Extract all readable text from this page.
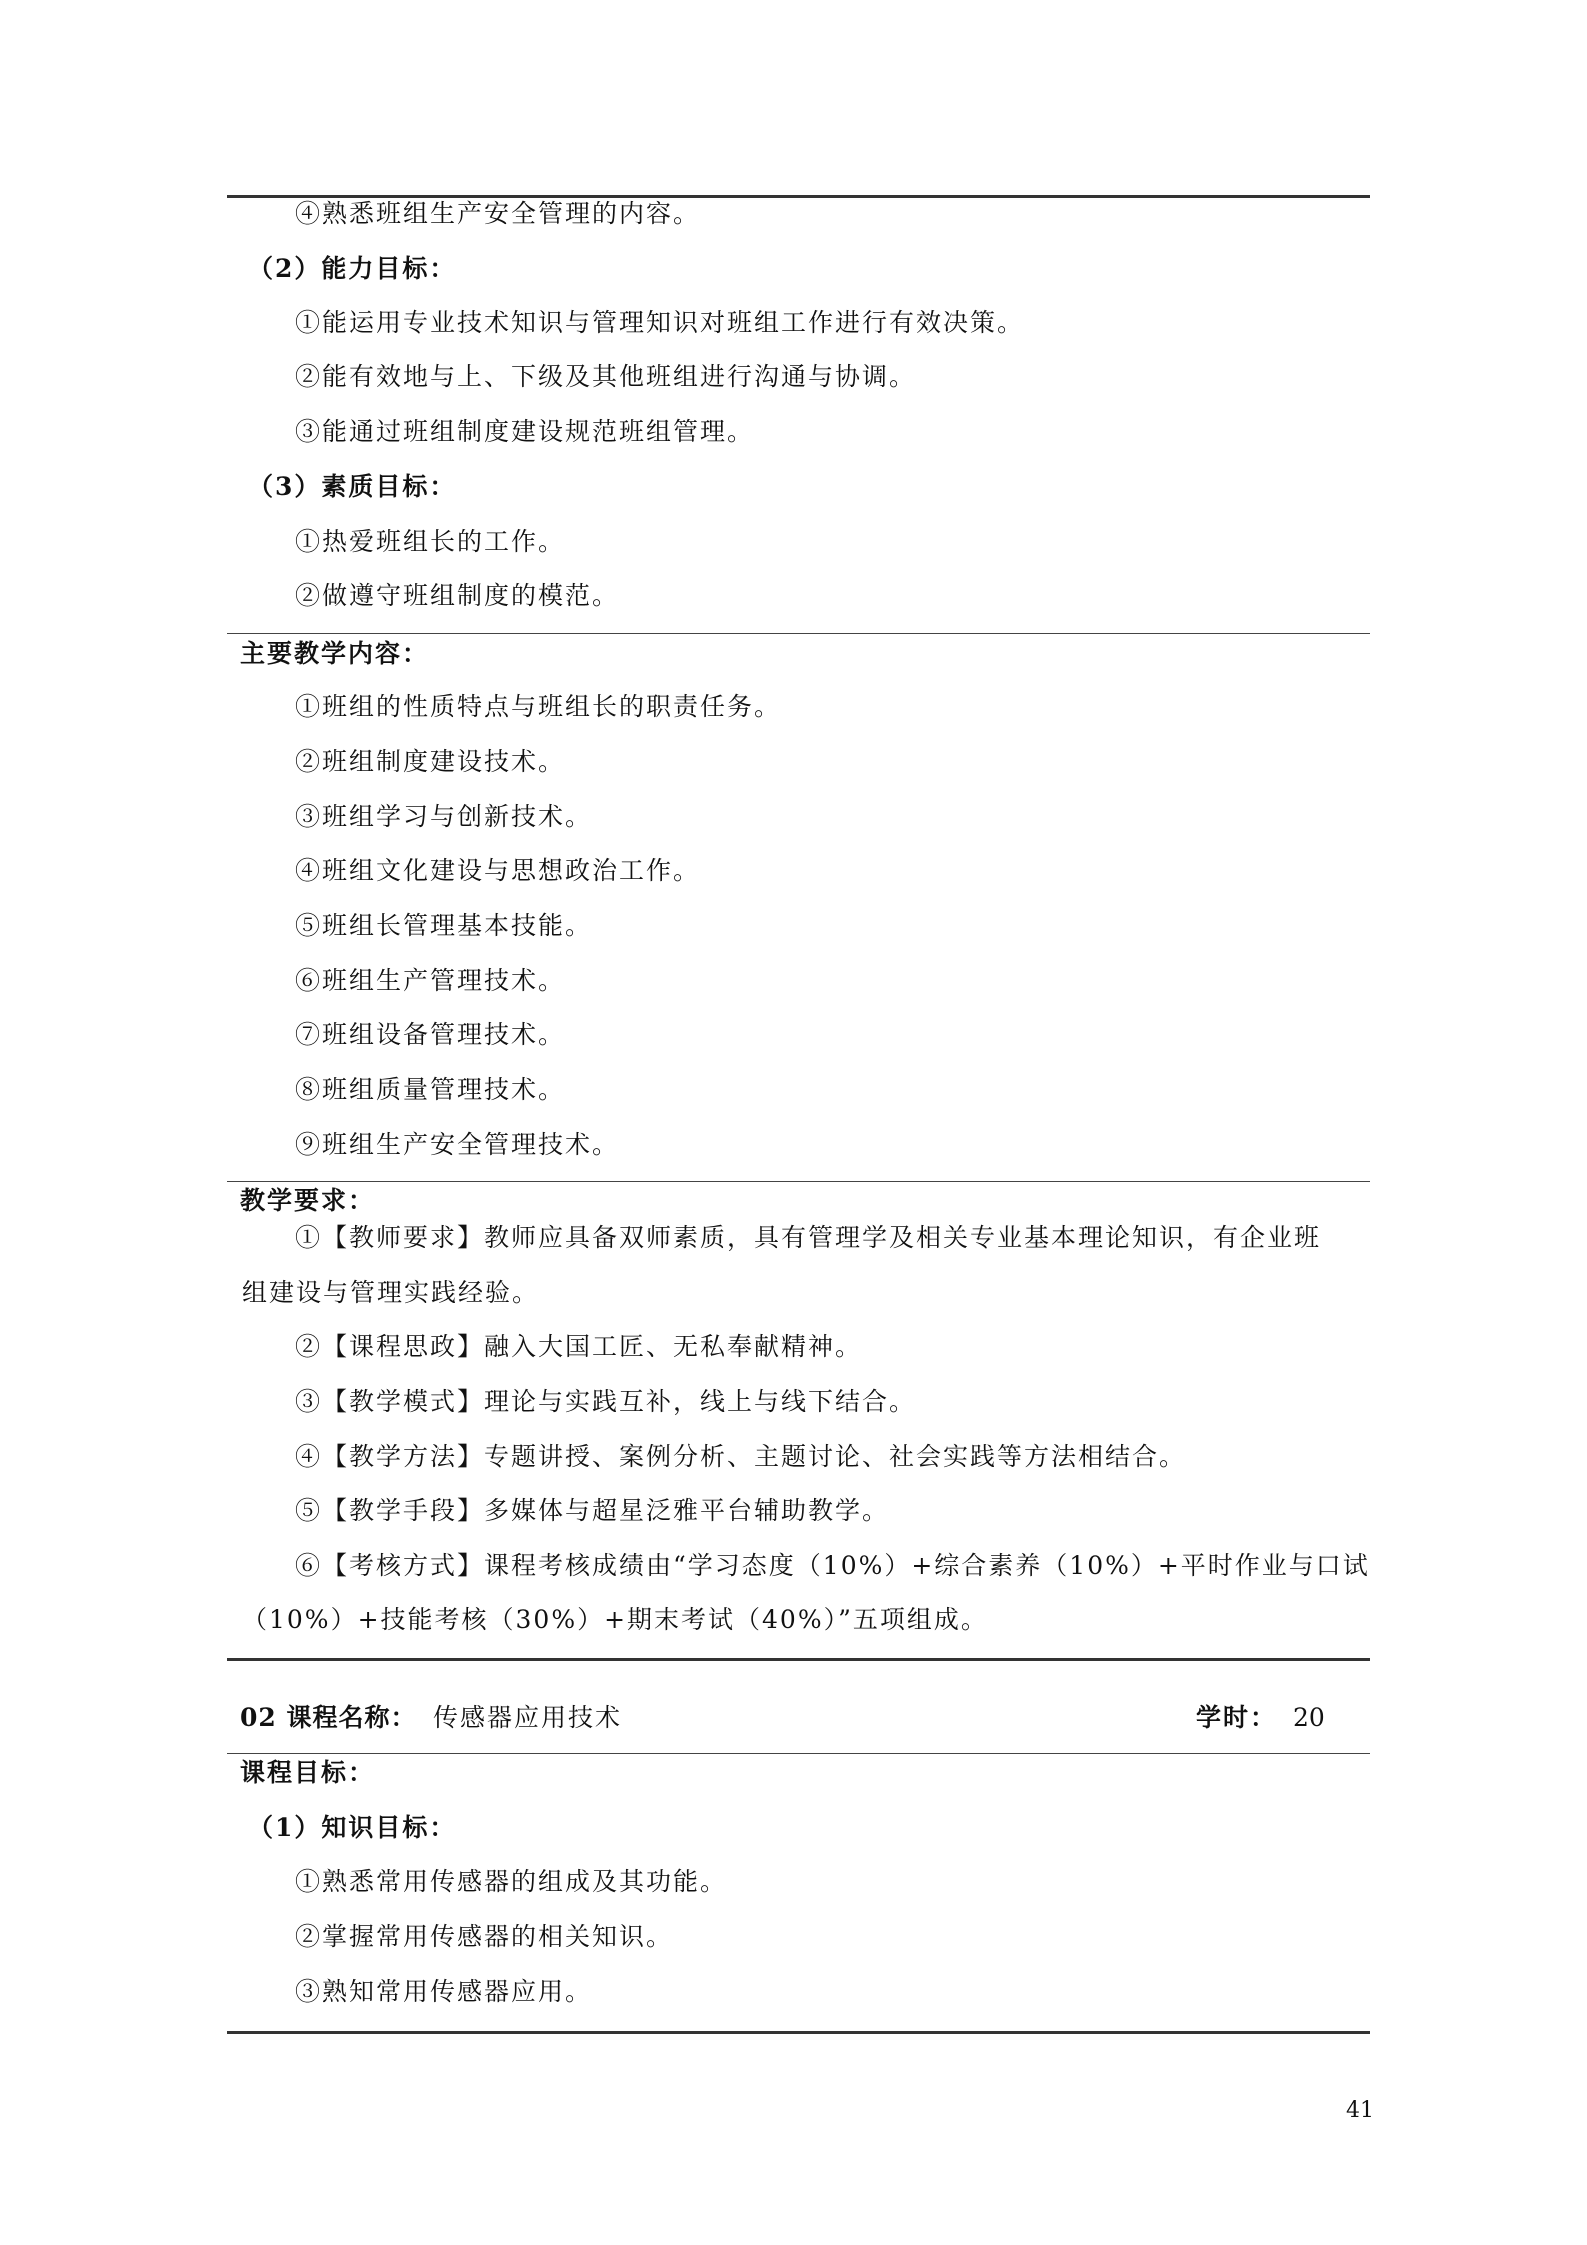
④熟悉班组生产安全管理的内容。
（2）能力目标：
①能运用专业技术知识与管理知识对班组工作进行有效决策。
②能有效地与上、下级及其他班组进行沟通与协调。
③能通过班组制度建设规范班组管理。
（3）素质目标：
①热爱班组长的工作。
②做遵守班组制度的模范。
主要教学内容：
①班组的性质特点与班组长的职责任务。
②班组制度建设技术。
③班组学习与创新技术。
④班组文化建设与思想政治工作。
⑤班组长管理基本技能。
⑥班组生产管理技术。
⑦班组设备管理技术。
⑧班组质量管理技术。
⑨班组生产安全管理技术。
教学要求：
①【教师要求】教师应具备双师素质，具有管理学及相关专业基本理论知识，有企业班
组建设与管理实践经验。
②【课程思政】融入大国工匠、无私奉献精神。
③【教学模式】理论与实践互补，线上与线下结合。
④【教学方法】专题讲授、案例分析、主题讨论、社会实践等方法相结合。
⑤【教学手段】多媒体与超星泛雅平台辅助教学。
⑥【考核方式】课程考核成绩由“学习态度（10%）+综合素养（10%）+平时作业与口试
（10%）+技能考核（30%）+期末考试（40%）”五项组成。
02 课程名称： 传感器应用技术	学时： 20
课程目标：
（1）知识目标：
①熟悉常用传感器的组成及其功能。
②掌握常用传感器的相关知识。
③熟知常用传感器应用。
41
